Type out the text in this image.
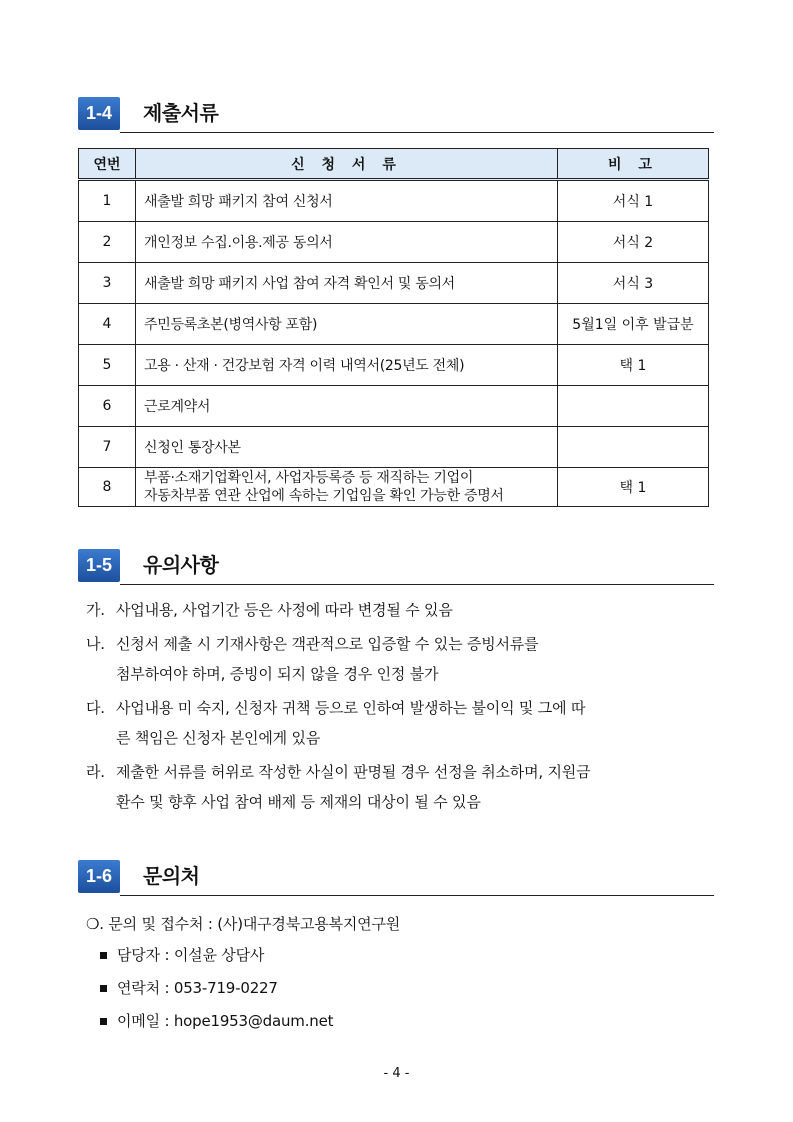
1-4	제출서류
연번	신 청 서 류	비 고
1	새출발 희망 패키지 참여 신청서	서식 1
2	개인정보 수집.이용.제공 동의서	서식 2
3	새출발 희망 패키지 사업 참여 자격 확인서 및 동의서	서식 3
4	주민등록초본(병역사항 포함)	5월1일 이후 발급분
5	고용 · 산재 · 건강보험 자격 이력 내역서(25년도 전체)	택 1
6	근로계약서	
7	신청인 통장사본	
8	부품·소재기업확인서, 사업자등록증 등 재직하는 기업이
자동차부품 연관 산업에 속하는 기업임을 확인 가능한 증명서	택 1
1-5	유의사항
가. 사업내용, 사업기간 등은 사정에 따라 변경될 수 있음
나. 신청서 제출 시 기재사항은 객관적으로 입증할 수 있는 증빙서류를
첨부하여야 하며, 증빙이 되지 않을 경우 인정 불가
다. 사업내용 미 숙지, 신청자 귀책 등으로 인하여 발생하는 불이익 및 그에 따
른 책임은 신청자 본인에게 있음
라. 제출한 서류를 허위로 작성한 사실이 판명될 경우 선정을 취소하며, 지원금
환수 및 향후 사업 참여 배제 등 제재의 대상이 될 수 있음
1-6	문의처
❍. 문의 및 접수처 : (사)대구경북고용복지연구원
담당자 : 이설윤 상담사
연락처 : 053-719-0227
이메일 : hope1953@daum.net
- 4 -
